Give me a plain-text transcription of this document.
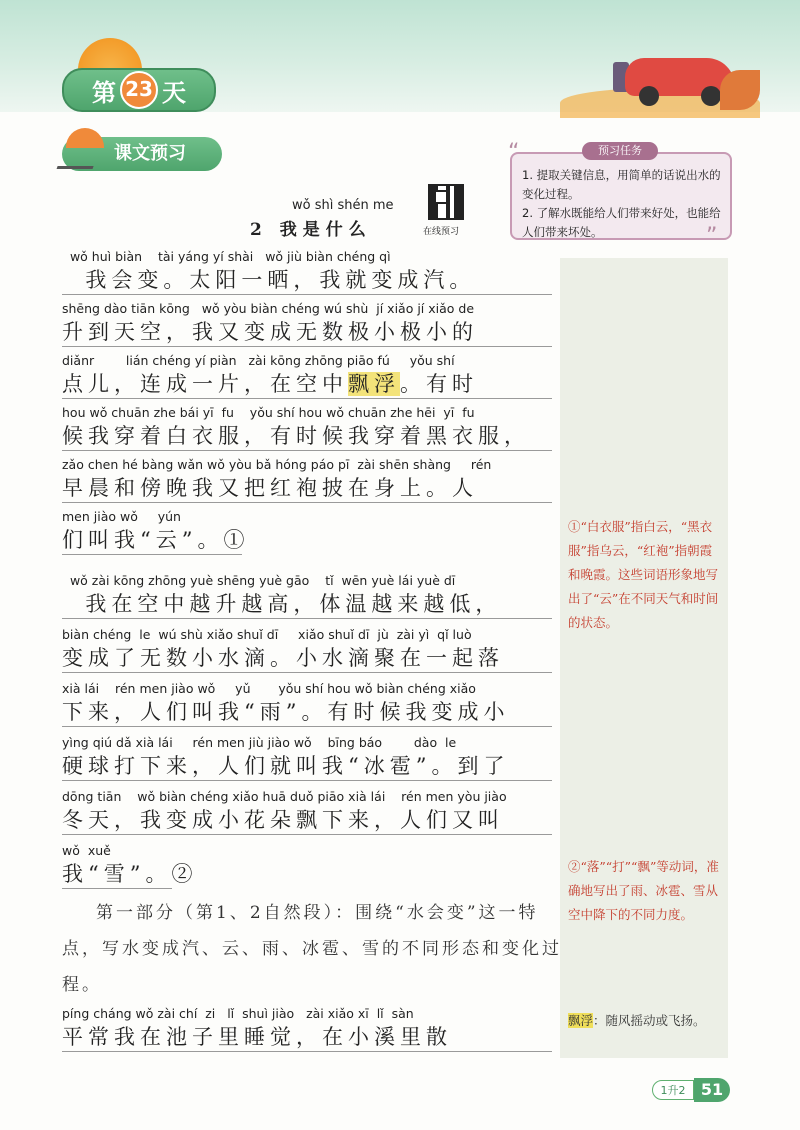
第 23 天
课文预习

1. 提取关键信息，用简单的话说出水的变化过程。

2. 了解水既能给人们带来好处，也能给人们带来坏处。

预习任务
“
”
wǒ shì shén me
2 我是什么	在线预习
①“白衣服”指白云，“黑衣服”指乌云，“红袍”指朝霞和晚霞。这些词语形象地写出了“云”在不同天气和时间的状态。
②“落”“打”“飘”等动词，准确地写出了雨、冰雹、雪从空中降下的不同力度。
飘浮：随风摇动或飞扬。
wǒ huì biàn    tài yáng yí shài   wǒ jiù biàn chéng qì
我会变。太阳一晒，我就变成汽。
shēng dào tiān kōng   wǒ yòu biàn chéng wú shù  jí xiǎo jí xiǎo de
升到天空，我又变成无数极小极小的
diǎnr        lián chéng yí piàn   zài kōng zhōng piāo fú     yǒu shí
点儿，连成一片，在空中飘浮。有时
hou wǒ chuān zhe bái yī  fu    yǒu shí hou wǒ chuān zhe hēi  yī  fu
候我穿着白衣服，有时候我穿着黑衣服，
zǎo chen hé bàng wǎn wǒ yòu bǎ hóng páo pī  zài shēn shàng     rén
早晨和傍晚我又把红袍披在身上。人
men jiào wǒ     yún
们叫我“云”。①
wǒ zài kōng zhōng yuè shēng yuè gāo    tǐ  wēn yuè lái yuè dī
我在空中越升越高，体温越来越低，
biàn chéng  le  wú shù xiǎo shuǐ dī     xiǎo shuǐ dī  jù  zài yì  qǐ luò
变成了无数小水滴。小水滴聚在一起落
xià lái    rén men jiào wǒ     yǔ       yǒu shí hou wǒ biàn chéng xiǎo
下来，人们叫我“雨”。有时候我变成小
yìng qiú dǎ xià lái     rén men jiù jiào wǒ    bīng báo        dào  le
硬球打下来，人们就叫我“冰雹”。到了
dōng tiān    wǒ biàn chéng xiǎo huā duǒ piāo xià lái    rén men yòu jiào
冬天，我变成小花朵飘下来，人们又叫
wǒ  xuě
我“雪”。②
第一部分（第1、2自然段）：围绕“水会变”这一特点，写水变成汽、云、雨、冰雹、雪的不同形态和变化过程。
píng cháng wǒ zài chí  zi   lǐ  shuì jiào   zài xiǎo xī  lǐ  sàn
平常我在池子里睡觉，在小溪里散
1升2 51
